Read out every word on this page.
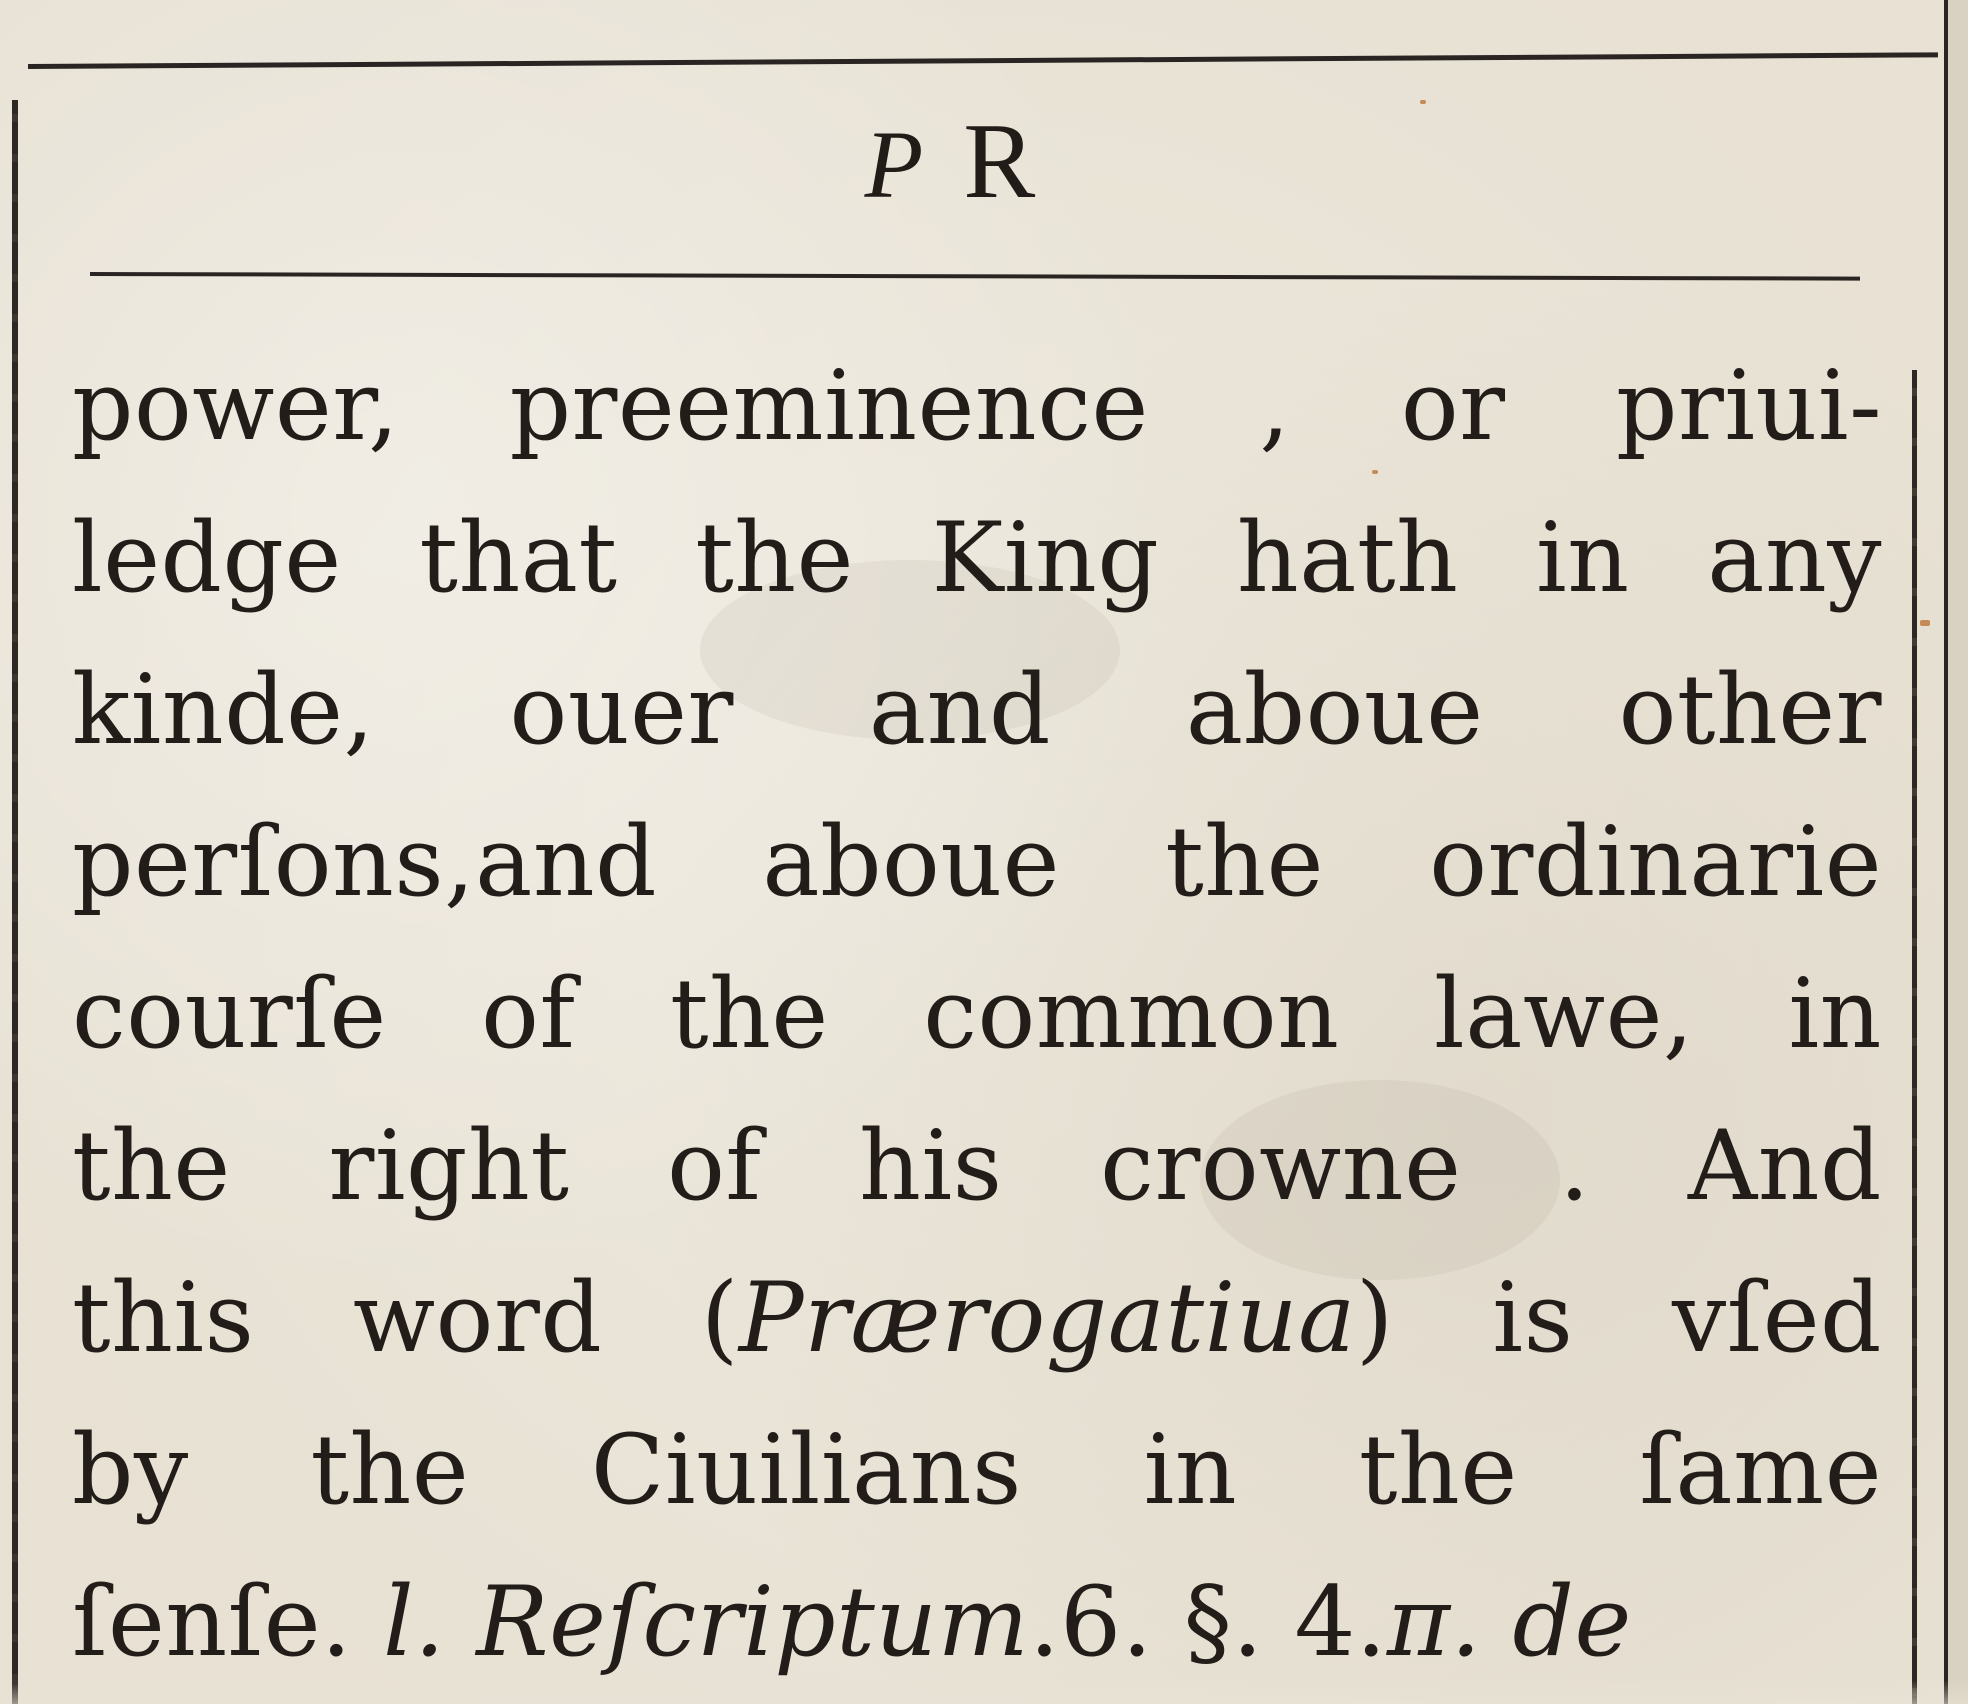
P R
power, preeminence , or priui-
ledge that the King hath in any
kinde, ouer and aboue other
perſons,and aboue the ordinarie
courſe of the common lawe, in
the right of his crowne . And
this word (Prærogatiua) is vſed
by the Ciuilians in the ſame
ſenſe. l. Reſcriptum.6. §. 4.π. de
